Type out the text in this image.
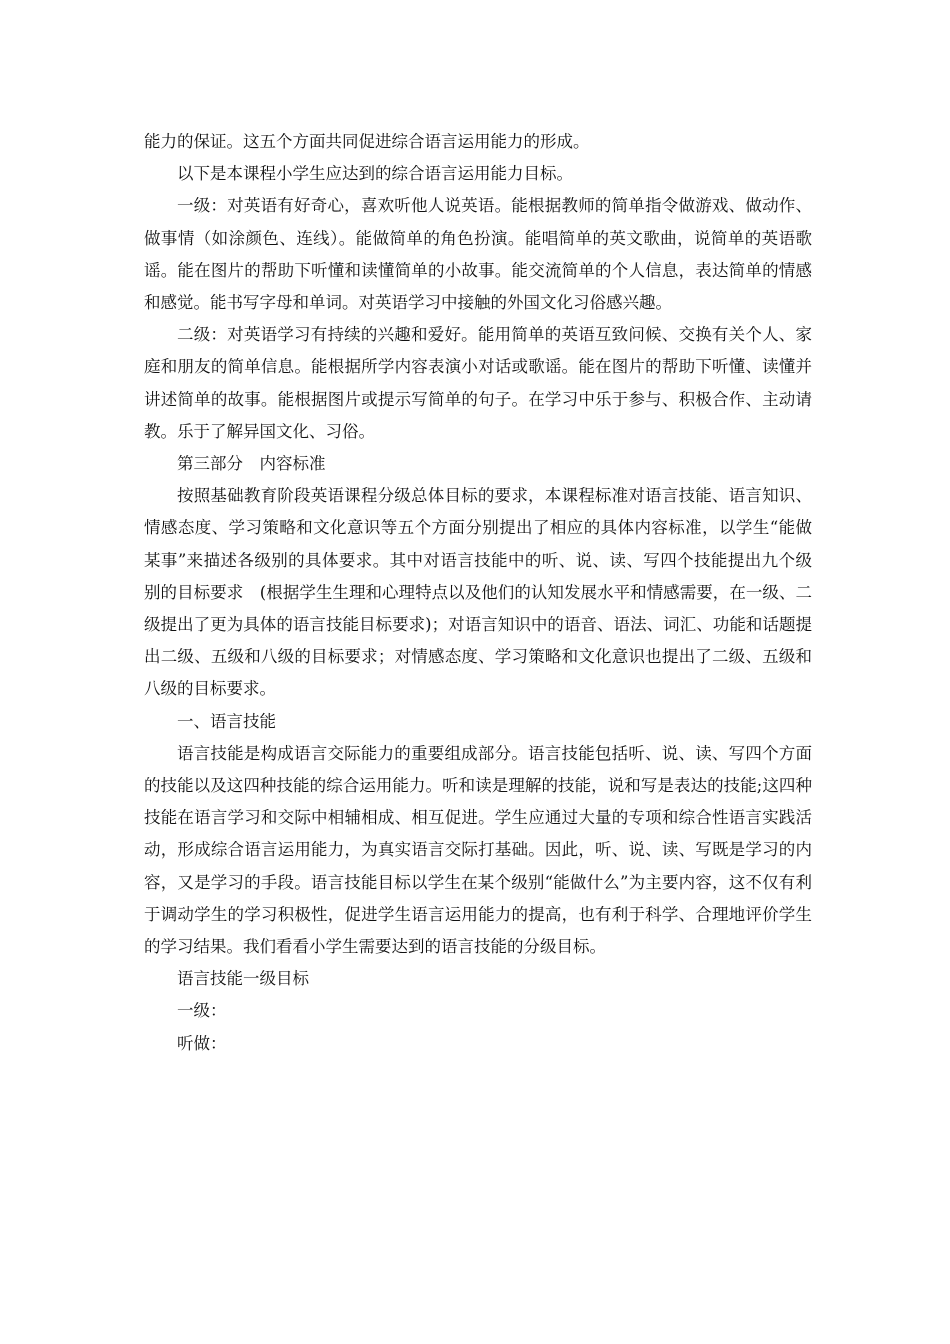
能力的保证。这五个方面共同促进综合语言运用能力的形成。

以下是本课程小学生应达到的综合语言运用能力目标。

一级：对英语有好奇心，喜欢听他人说英语。能根据教师的简单指令做游戏、做动作、做事情（如涂颜色、连线）。能做简单的角色扮演。能唱简单的英文歌曲，说简单的英语歌谣。能在图片的帮助下听懂和读懂简单的小故事。能交流简单的个人信息，表达简单的情感和感觉。能书写字母和单词。对英语学习中接触的外国文化习俗感兴趣。

二级：对英语学习有持续的兴趣和爱好。能用简单的英语互致问候、交换有关个人、家庭和朋友的简单信息。能根据所学内容表演小对话或歌谣。能在图片的帮助下听懂、读懂并讲述简单的故事。能根据图片或提示写简单的句子。在学习中乐于参与、积极合作、主动请教。乐于了解异国文化、习俗。

第三部分　内容标准

按照基础教育阶段英语课程分级总体目标的要求，本课程标准对语言技能、语言知识、情感态度、学习策略和文化意识等五个方面分别提出了相应的具体内容标准，以学生“能做某事”来描述各级别的具体要求。其中对语言技能中的听、说、读、写四个技能提出九个级别的目标要求　(根据学生生理和心理特点以及他们的认知发展水平和情感需要，在一级、二级提出了更为具体的语言技能目标要求)；对语言知识中的语音、语法、词汇、功能和话题提出二级、五级和八级的目标要求；对情感态度、学习策略和文化意识也提出了二级、五级和八级的目标要求。

一、语言技能

语言技能是构成语言交际能力的重要组成部分。语言技能包括听、说、读、写四个方面的技能以及这四种技能的综合运用能力。听和读是理解的技能，说和写是表达的技能;这四种技能在语言学习和交际中相辅相成、相互促进。学生应通过大量的专项和综合性语言实践活动，形成综合语言运用能力，为真实语言交际打基础。因此，听、说、读、写既是学习的内容，又是学习的手段。语言技能目标以学生在某个级别“能做什么”为主要内容，这不仅有利于调动学生的学习积极性，促进学生语言运用能力的提高，也有利于科学、合理地评价学生的学习结果。我们看看小学生需要达到的语言技能的分级目标。

语言技能一级目标

一级：

听做：
